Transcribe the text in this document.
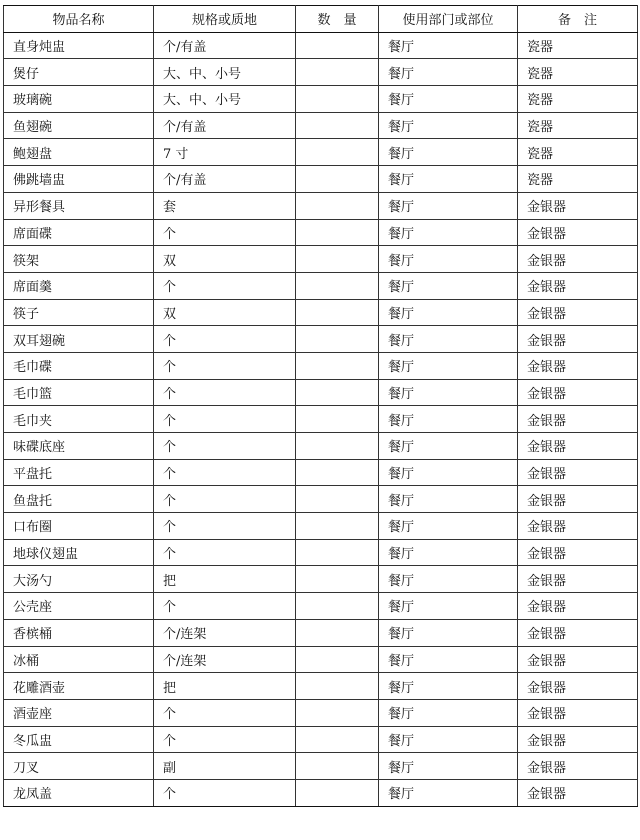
物品名称	规格或质地	数　量	使用部门或部位	备　注
直身炖盅	个/有盖		餐厅	瓷器
煲仔	大、中、小号		餐厅	瓷器
玻璃碗	大、中、小号		餐厅	瓷器
鱼翅碗	个/有盖		餐厅	瓷器
鲍翅盘	7 寸		餐厅	瓷器
佛跳墙盅	个/有盖		餐厅	瓷器
异形餐具	套		餐厅	金银器
席面碟	个		餐厅	金银器
筷架	双		餐厅	金银器
席面羹	个		餐厅	金银器
筷子	双		餐厅	金银器
双耳翅碗	个		餐厅	金银器
毛巾碟	个		餐厅	金银器
毛巾篮	个		餐厅	金银器
毛巾夹	个		餐厅	金银器
味碟底座	个		餐厅	金银器
平盘托	个		餐厅	金银器
鱼盘托	个		餐厅	金银器
口布圈	个		餐厅	金银器
地球仪翅盅	个		餐厅	金银器
大汤勺	把		餐厅	金银器
公壳座	个		餐厅	金银器
香槟桶	个/连架		餐厅	金银器
冰桶	个/连架		餐厅	金银器
花雕酒壶	把		餐厅	金银器
酒壶座	个		餐厅	金银器
冬瓜盅	个		餐厅	金银器
刀叉	副		餐厅	金银器
龙凤盖	个		餐厅	金银器
